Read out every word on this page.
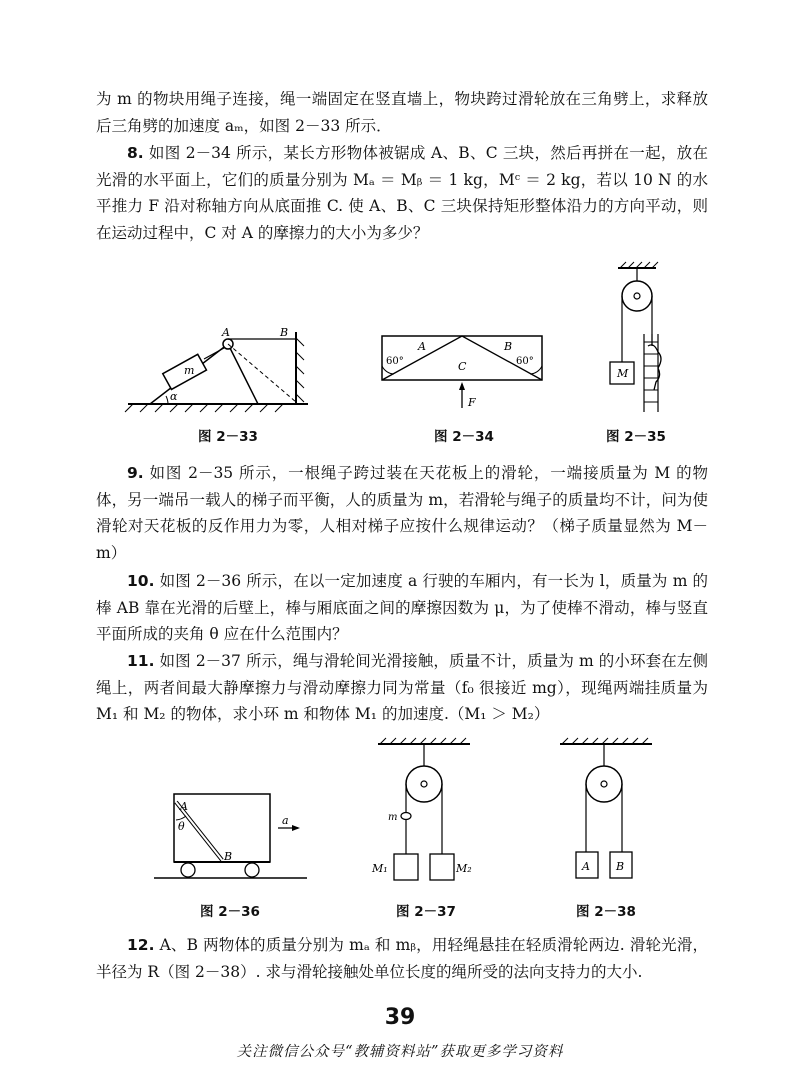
为 m 的物块用绳子连接，绳一端固定在竖直墙上，物块跨过滑轮放在三角劈上，求释放后三角劈的加速度 aₘ，如图 2－33 所示．

8. 如图 2－34 所示，某长方形物体被锯成 A、B、C 三块，然后再拼在一起，放在光滑的水平面上，它们的质量分别为 Mₐ ＝ Mᵦ ＝ 1 kg，Mᶜ ＝ 2 kg，若以 10 N 的水平推力 F 沿对称轴方向从底面推 C. 使 A、B、C 三块保持矩形整体沿力的方向平动，则在运动过程中，C 对 A 的摩擦力的大小为多少？

m
A	B
α
图 2－33
A	B
C
60°	60°
F
图 2－34
M
图 2－35

9. 如图 2－35 所示，一根绳子跨过装在天花板上的滑轮，一端接质量为 M 的物体，另一端吊一载人的梯子而平衡，人的质量为 m，若滑轮与绳子的质量均不计，问为使滑轮对天花板的反作用力为零，人相对梯子应按什么规律运动？（梯子质量显然为 M－m）

10. 如图 2－36 所示，在以一定加速度 a 行驶的车厢内，有一长为 l，质量为 m 的棒 AB 靠在光滑的后壁上，棒与厢底面之间的摩擦因数为 μ，为了使棒不滑动，棒与竖直平面所成的夹角 θ 应在什么范围内？

11. 如图 2－37 所示，绳与滑轮间光滑接触，质量不计，质量为 m 的小环套在左侧绳上，两者间最大静摩擦力与滑动摩擦力同为常量（f₀ 很接近 mg），现绳两端挂质量为 M₁ 和 M₂ 的物体，求小环 m 和物体 M₁ 的加速度.（M₁ ＞ M₂）

A
θ
B
a
图 2－36
m
M₁	M₂
图 2－37
A B
图 2－38

12. A、B 两物体的质量分别为 mₐ 和 mᵦ，用轻绳悬挂在轻质滑轮两边. 滑轮光滑，半径为 R（图 2－38）. 求与滑轮接触处单位长度的绳所受的法向支持力的大小.

39
关注微信公众号“教辅资料站”获取更多学习资料
